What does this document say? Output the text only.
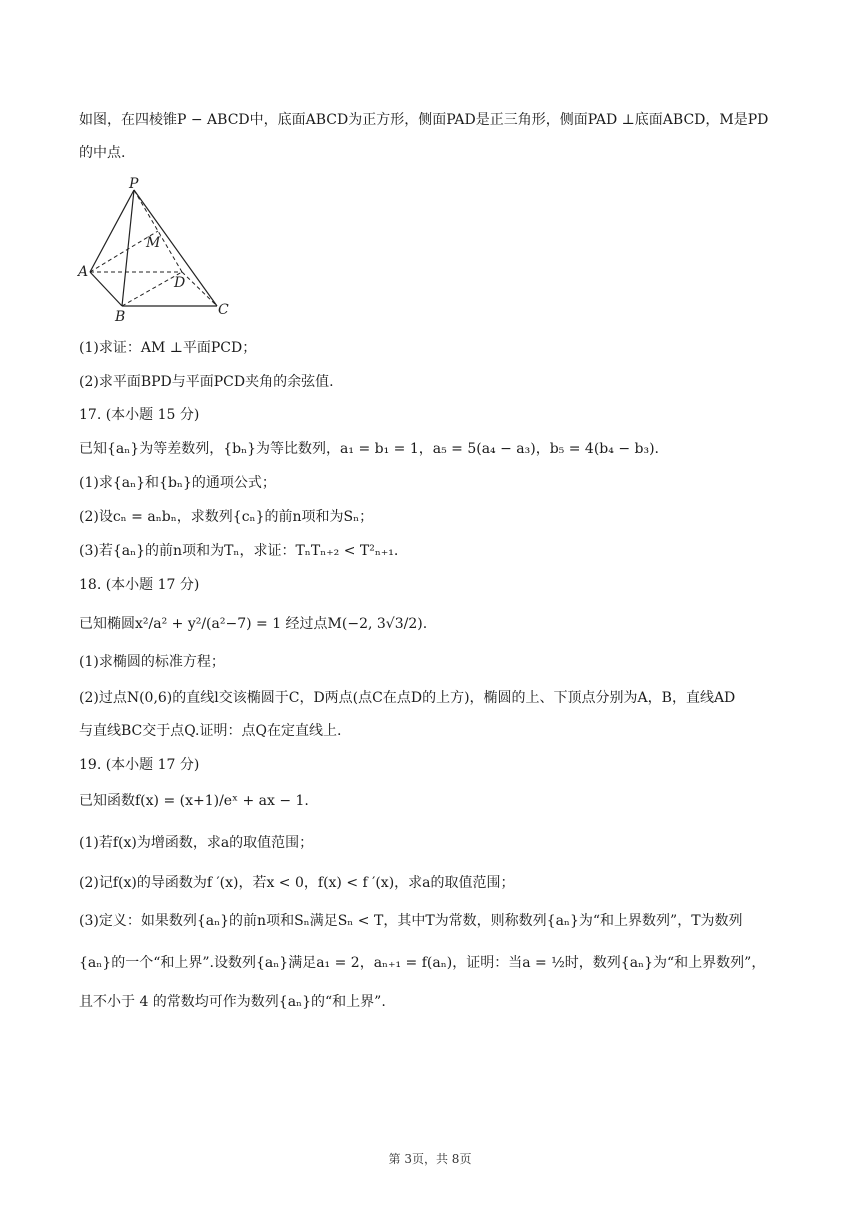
如图，在四棱锥P − ABCD中，底面ABCD为正方形，侧面PAD是正三角形，侧面PAD ⊥底面ABCD，M是PD
的中点.
P
M
A
D
B	C
(1)求证：AM ⊥平面PCD；
(2)求平面BPD与平面PCD夹角的余弦值.
17. (本小题 15 分)
已知{aₙ}为等差数列，{bₙ}为等比数列，a₁ = b₁ = 1，a₅ = 5(a₄ − a₃)，b₅ = 4(b₄ − b₃).
(1)求{aₙ}和{bₙ}的通项公式；
(2)设cₙ = aₙbₙ，求数列{cₙ}的前n项和为Sₙ；
(3)若{aₙ}的前n项和为Tₙ，求证：TₙTₙ₊₂ < T²ₙ₊₁.
18. (本小题 17 分)
已知椭圆x²/a² + y²/(a²−7) = 1 经过点M(−2, 3√3/2).
(1)求椭圆的标准方程；
(2)过点N(0,6)的直线l交该椭圆于C，D两点(点C在点D的上方)，椭圆的上、下顶点分别为A，B，直线AD
与直线BC交于点Q.证明：点Q在定直线上.
19. (本小题 17 分)
已知函数f(x) = (x+1)/eˣ + ax − 1.
(1)若f(x)为增函数，求a的取值范围；
(2)记f(x)的导函数为f ′(x)，若x < 0，f(x) < f ′(x)，求a的取值范围；
(3)定义：如果数列{aₙ}的前n项和Sₙ满足Sₙ < T，其中T为常数，则称数列{aₙ}为“和上界数列”，T为数列
{aₙ}的一个“和上界”.设数列{aₙ}满足a₁ = 2，aₙ₊₁ = f(aₙ)，证明：当a = ½时，数列{aₙ}为“和上界数列”，
且不小于 4 的常数均可作为数列{aₙ}的“和上界”.
第 3页，共 8页
